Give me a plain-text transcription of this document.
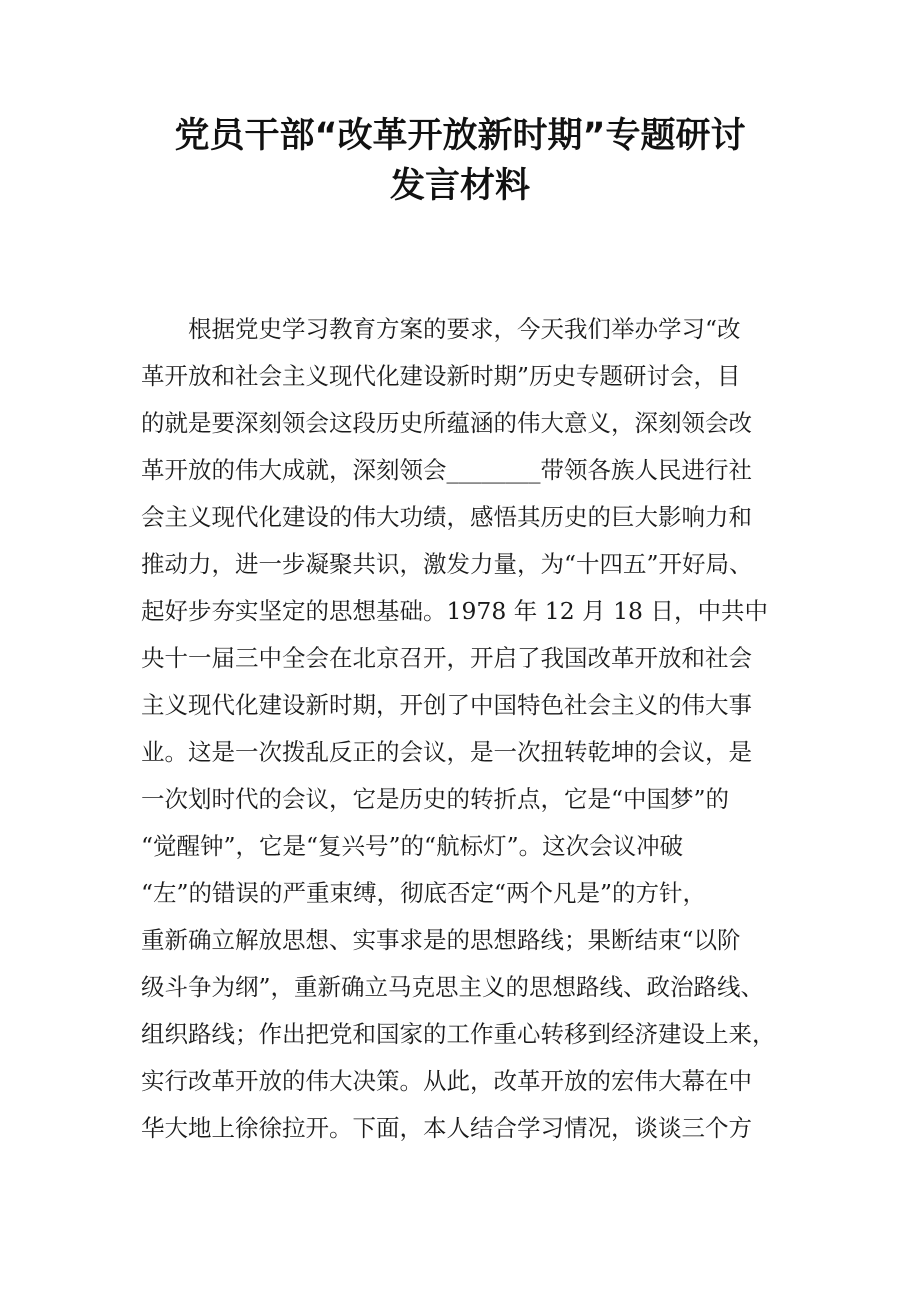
党员干部“改革开放新时期”专题研讨
发言材料
　　根据党史学习教育方案的要求，今天我们举办学习“改
革开放和社会主义现代化建设新时期”历史专题研讨会，目
的就是要深刻领会这段历史所蕴涵的伟大意义，深刻领会改
革开放的伟大成就，深刻领会________带领各族人民进行社
会主义现代化建设的伟大功绩，感悟其历史的巨大影响力和
推动力，进一步凝聚共识，激发力量，为“十四五”开好局、
起好步夯实坚定的思想基础。1978 年 12 月 18 日，中共中
央十一届三中全会在北京召开，开启了我国改革开放和社会
主义现代化建设新时期，开创了中国特色社会主义的伟大事
业。这是一次拨乱反正的会议，是一次扭转乾坤的会议，是
一次划时代的会议，它是历史的转折点，它是“中国梦”的
“觉醒钟”，它是“复兴号”的“航标灯”。这次会议冲破
“左”的错误的严重束缚，彻底否定“两个凡是”的方针，
重新确立解放思想、实事求是的思想路线；果断结束“以阶
级斗争为纲”，重新确立马克思主义的思想路线、政治路线、
组织路线；作出把党和国家的工作重心转移到经济建设上来，
实行改革开放的伟大决策。从此，改革开放的宏伟大幕在中
华大地上徐徐拉开。下面，本人结合学习情况，谈谈三个方
